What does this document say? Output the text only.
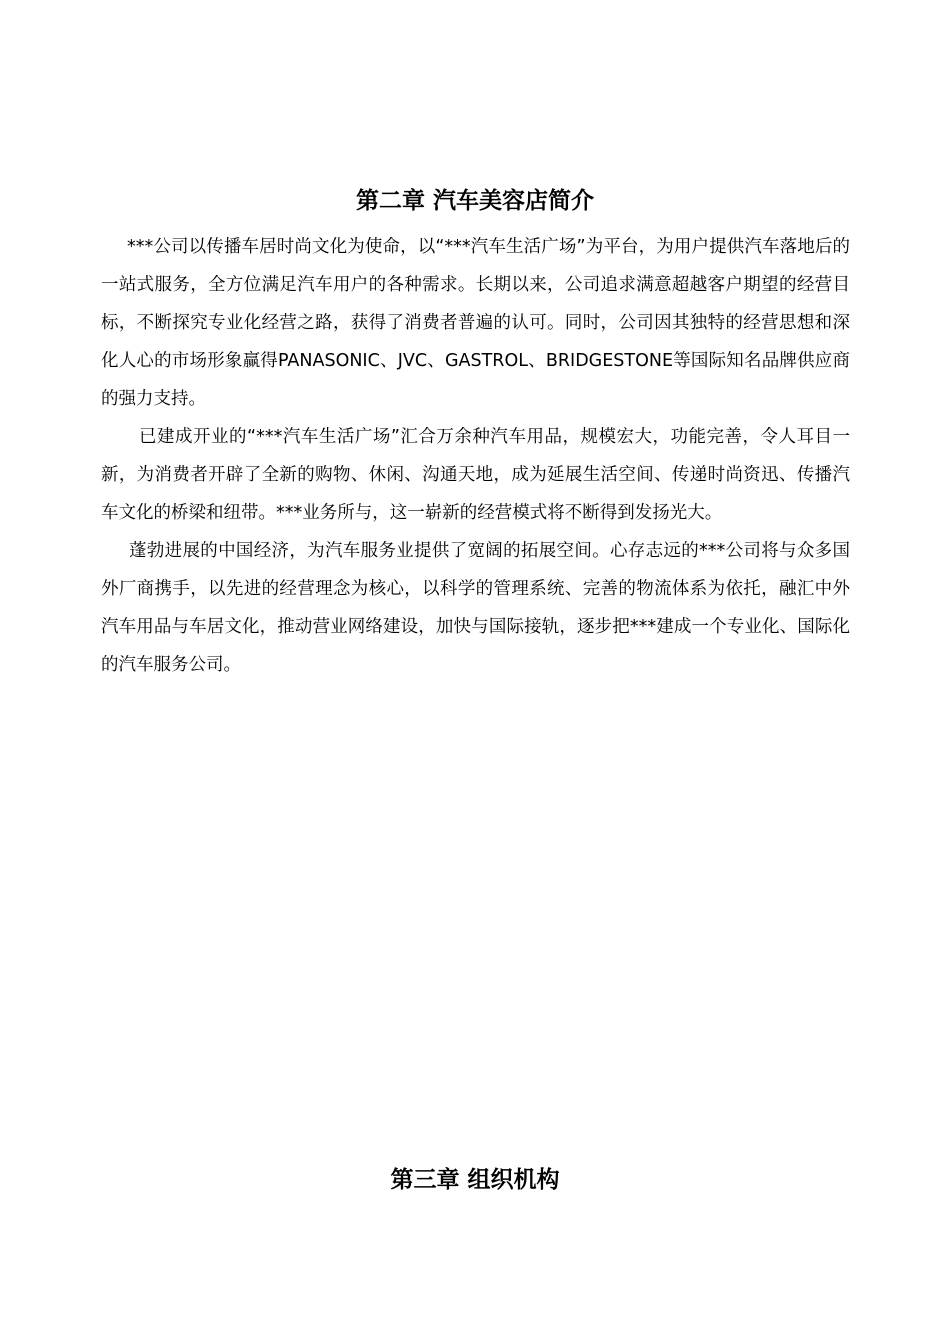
第二章 汽车美容店简介

***公司以传播车居时尚文化为使命，以“***汽车生活广场”为平台，为用户提供汽车落地后的一站式服务，全方位满足汽车用户的各种需求。长期以来，公司追求满意超越客户期望的经营目标，不断探究专业化经营之路，获得了消费者普遍的认可。同时，公司因其独特的经营思想和深化人心的市场形象赢得PANASONIC、JVC、GASTROL、BRIDGESTONE等国际知名品牌供应商的强力支持。

已建成开业的“***汽车生活广场”汇合万余种汽车用品，规模宏大，功能完善，令人耳目一新，为消费者开辟了全新的购物、休闲、沟通天地，成为延展生活空间、传递时尚资迅、传播汽车文化的桥梁和纽带。***业务所与，这一崭新的经营模式将不断得到发扬光大。

蓬勃进展的中国经济，为汽车服务业提供了宽阔的拓展空间。心存志远的***公司将与众多国外厂商携手，以先进的经营理念为核心，以科学的管理系统、完善的物流体系为依托，融汇中外汽车用品与车居文化，推动营业网络建设，加快与国际接轨，逐步把***建成一个专业化、国际化的汽车服务公司。

第三章 组织机构
